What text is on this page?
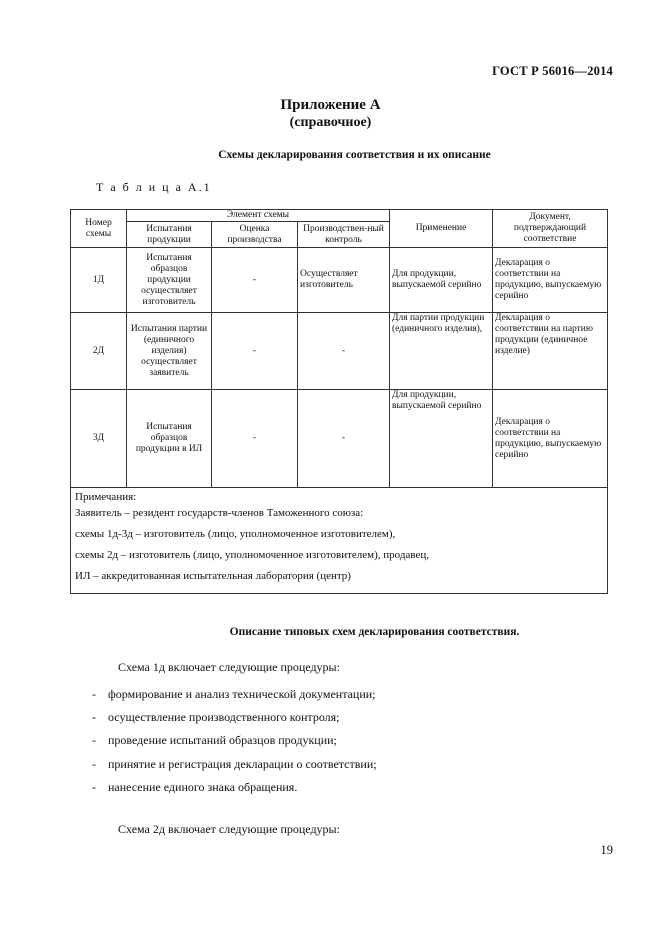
ГОСТ Р 56016—2014
Приложение А
(справочное)
Схемы декларирования соответствия и их описание
Т а б л и ц а А.1
Номер схемы	Элемент схемы			Применение	Документ, подтверждающий соответствие
	Испытания продукции	Оценка производства	Производствен-ный контроль		
1Д	Испытания образцов продукции осуществляет изготовитель	-	Осуществляет изготовитель	Для продукции, выпускаемой серийно	Декларация о соответствии на продукцию, выпускаемую серийно
2Д	Испытания партии (единичного изделия) осуществляет заявитель	-	-	Для партии продукции (единичного изделия),	Декларация о соответствии на партию продукции (единичное изделие)
3Д	Испытания образцов продукции в ИЛ	-	-	Для продукции, выпускаемой серийно	Декларация о соответствии на продукцию, выпускаемую серийно

Примечания:
Заявитель – резидент государств-членов Таможенного союза:
схемы 1д-3д – изготовитель (лицо, уполномоченное изготовителем),
схемы 2д – изготовитель (лицо, уполномоченное изготовителем), продавец,
ИЛ – аккредитованная испытательная лаборатория (центр)					
Описание типовых схем декларирования соответствия.
Схема 1д включает следующие процедуры:
- формирование и анализ технической документации;
- осуществление производственного контроля;
- проведение испытаний образцов продукции;
- принятие и регистрация декларации о соответствии;
- нанесение единого знака обращения.
Схема 2д включает следующие процедуры:
19
